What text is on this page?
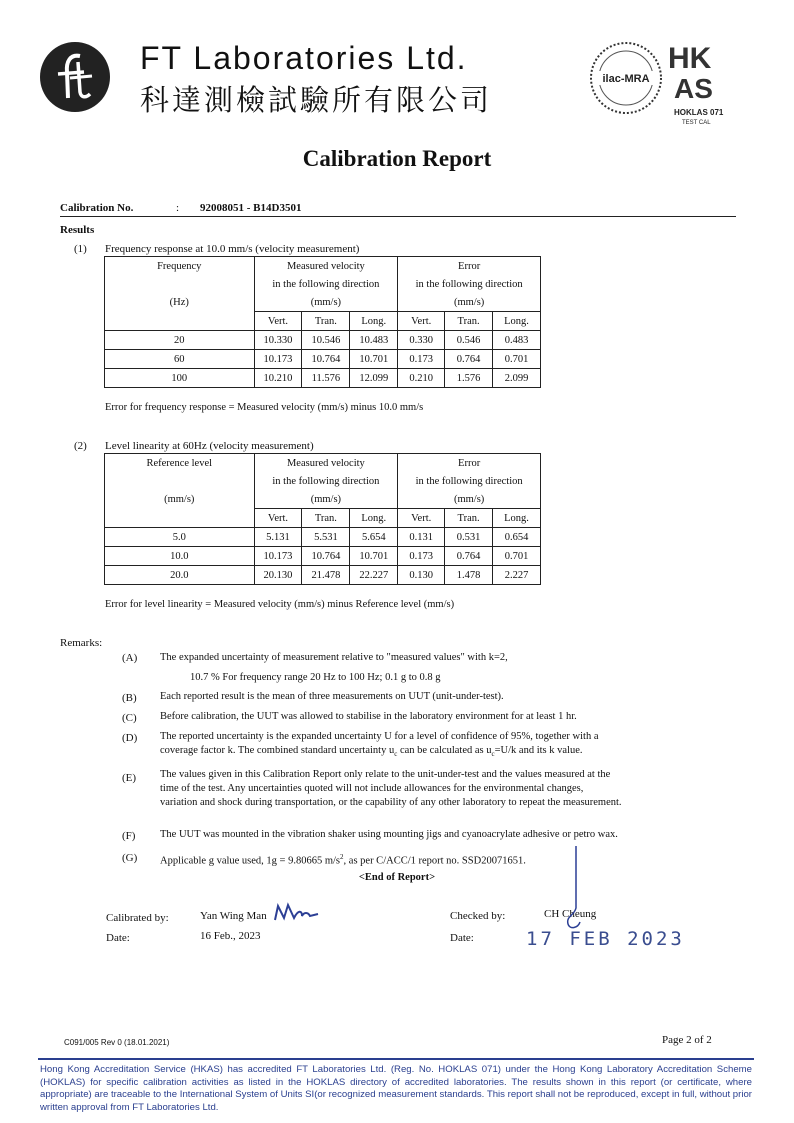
FT Laboratories Ltd.
科達測檢試驗所有限公司
ilac-MRA
HK
AS
HOKLAS 071
TEST CAL
Calibration Report
Calibration No.	: 92008051 - B14D3501
Results
(1) Frequency response at 10.0 mm/s (velocity measurement)
Frequency	Measured velocity			Error		
	in the following direction			in the following direction		
(Hz)	(mm/s)			(mm/s)		
	Vert.	Tran.	Long.	Vert.	Tran.	Long.
20	10.330	10.546	10.483	0.330	0.546	0.483
60	10.173	10.764	10.701	0.173	0.764	0.701
100	10.210	11.576	12.099	0.210	1.576	2.099
Error for frequency response = Measured velocity (mm/s) minus 10.0 mm/s
(2) Level linearity at 60Hz (velocity measurement)
Reference level	Measured velocity			Error		
	in the following direction			in the following direction		
(mm/s)	(mm/s)			(mm/s)		
	Vert.	Tran.	Long.	Vert.	Tran.	Long.
5.0	5.131	5.531	5.654	0.131	0.531	0.654
10.0	10.173	10.764	10.701	0.173	0.764	0.701
20.0	20.130	21.478	22.227	0.130	1.478	2.227
Error for level linearity = Measured velocity (mm/s) minus Reference level (mm/s)
Remarks:
(A) The expanded uncertainty of measurement relative to "measured values" with k=2,
10.7 % For frequency range 20 Hz to 100 Hz; 0.1 g to 0.8 g
(B) Each reported result is the mean of three measurements on UUT (unit-under-test).
(C) Before calibration, the UUT was allowed to stabilise in the laboratory environment for at least 1 hr.
(D) The reported uncertainty is the expanded uncertainty U for a level of confidence of 95%, together with a
coverage factor k. The combined standard uncertainty $u_c$ can be calculated as $u_c=U/k$ and its k value.
(E) The values given in this Calibration Report only relate to the unit-under-test and the values measured at the
time of the test. Any uncertainties quoted will not include allowances for the environmental changes,
variation and shock during transportation, or the capability of any other laboratory to repeat the measurement.
(F) The UUT was mounted in the vibration shaker using mounting jigs and cyanoacrylate adhesive or petro wax.
(G) Applicable g value used, 1g = 9.80665 $m/s^2$, as per C/ACC/1 report no. SSD20071651.
<End of Report>
Calibrated by:	Yan Wing Man
Date:	16 Feb., 2023
Checked by:	CH Cheung
Date:	17 FEB 2023
C091/005 Rev 0 (18.01.2021)	Page 2 of 2
Hong Kong Accreditation Service (HKAS) has accredited FT Laboratories Ltd. (Reg. No. HOKLAS 071) under the Hong Kong Laboratory Accreditation Scheme (HOKLAS) for specific calibration activities as listed in the HOKLAS directory of accredited laboratories. The results shown in this report (or certificate, where appropriate) are traceable to the International System of Units SI(or recognized measurement standards. This report shall not be reproduced, except in full, without prior written approval from FT Laboratories Ltd.
